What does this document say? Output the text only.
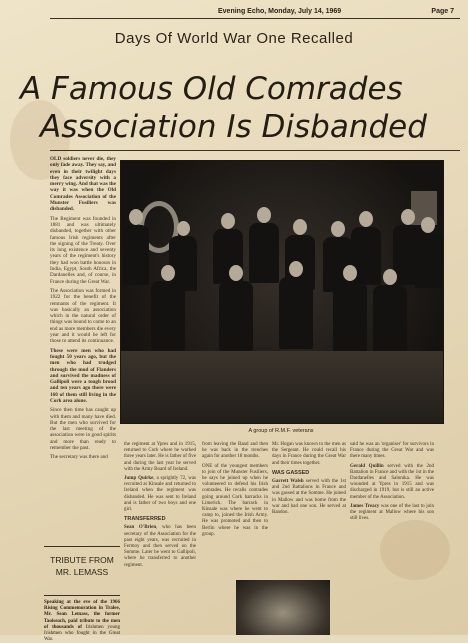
Evening Echo, Monday, July 14, 1969	Page 7
Days Of World War One Recalled
A Famous Old Comrades
Association Is Disbanded

OLD soldiers never die, they only fade away. They say, and even in their twilight days they face adversity with a merry wing. And that was the way it was when the Old Comrades Association of the Munster Fusiliers was disbanded.

The Regiment was founded in 1881 and was ultimately disbanded, together with other famous Irish regiments after the signing of the Treaty. Over its long existence and seventy years of the regiment's history they had won battle honours in India, Egypt, South Africa, the Dardanelles and, of course, in France during the Great War.

The Association was formed in 1922 for the benefit of the remnants of the regiment. It was basically an association which in the natural order of things was bound to come to an end as more members die every year and it would be left for those to attend its continuance.

These were men who had fought 50 years ago, but the men who had trudged through the mud of Flanders and survived the madness of Gallipoli were a tough brood and ten years ago there were 160 of them still living in the Cork area alone.

Since then time has caught up with them and many have died. But the men who survived for the last meeting of the association were in good spirits and more than ready to remember the past.

The secretary was there and

A group of R.M.F. veterans
TRIBUTE FROM
MR. LEMASS
Speaking at the eve of the 1966 Rising Commemoration in Tralee, Mr. Sean Lemass, the former Taoiseach, paid tribute to the men of thousands of Irishmen young Irishmen who fought in the Great War.

the regiment at Ypres and in 1915, returned to Cork where he worked three years later. He is father of five and during the last year he served with the Army Board of Ireland.

Jump Quirke, a sprightly 72, was recruited at Kinsale and returned to Ireland when the regiment was disbanded. He was sent to Ireland and is father of two boys and one girl.

TRANSFERRED

Sean O'Brien, who has been secretary of the Association for the past eight years, was recruited in Fermoy and then served on the Somme. Later he went to Gallipoli, where he transferred to another regiment.

from leaving the Band and then he was back in the trenches again for another 18 months.

ONE of the youngest members to join of the Munster Fusiliers, he says he joined up when he volunteered to defend his Irish comrades. He recalls comrades going around Cork barracks in Limerick. The barrack in Kinsale was where he went to camp to, joined the Irish Army. He was promoted and then to Berlin where he was in the group.

Mr. Hogan was known to the men as the Sergeant. He could recall his days in France during the Great War and their times together.

WAS GASSED

Garrett Walsh served with the 1st and 2nd Battalions in France and was gassed at the Somme. He joined in Mallow and was home from the war and had one son. He served at Bandon.

said he was an 'organiser' for survivors in France during the Great War and was there many times.

Gerald Quillin served with the 2nd Battalion in France and with the 1st in the Dardanelles and Salonika. He was wounded at Ypres in 1915 and was discharged in 1919, but is still an active member of the Association.

James Treacy was one of the last to join the regiment at Mallow where his son still lives.
